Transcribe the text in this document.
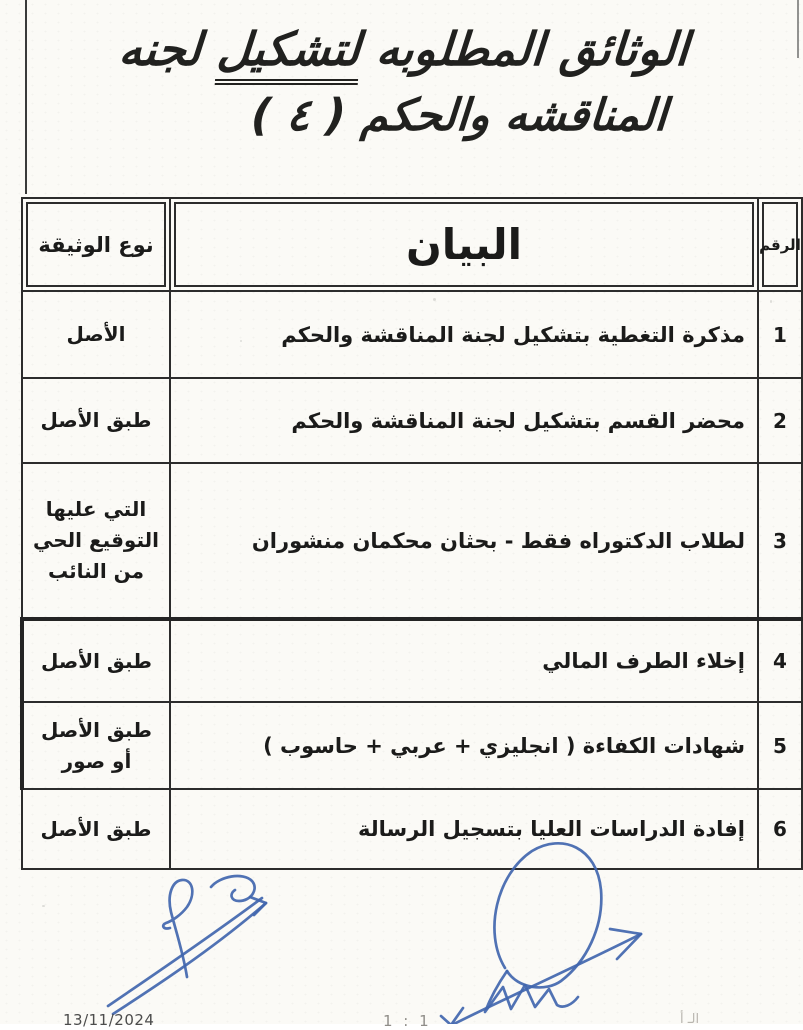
الوثائق المطلوبه لتشكيل لجنه
المناقشه والحكم ( ٤ )
الرقم	البيان	نوع الوثيقة
1	مذكرة التغطية بتشكيل لجنة المناقشة والحكم	الأصل
2	محضر القسم بتشكيل لجنة المناقشة والحكم	طبق الأصل
3	لطلاب الدكتوراه فقط - بحثان محكمان منشوران	التي عليها التوقيع الحي من النائب
4	إخلاء الطرف المالي	طبق الأصل
5	شهادات الكفاءة ( انجليزي + عربي + حاسوب )	طبق الأصل أو صور
6	إفادة الدراسات العليا بتسجيل الرسالة	طبق الأصل
13/11/2024	1 : 1	الـ أ
